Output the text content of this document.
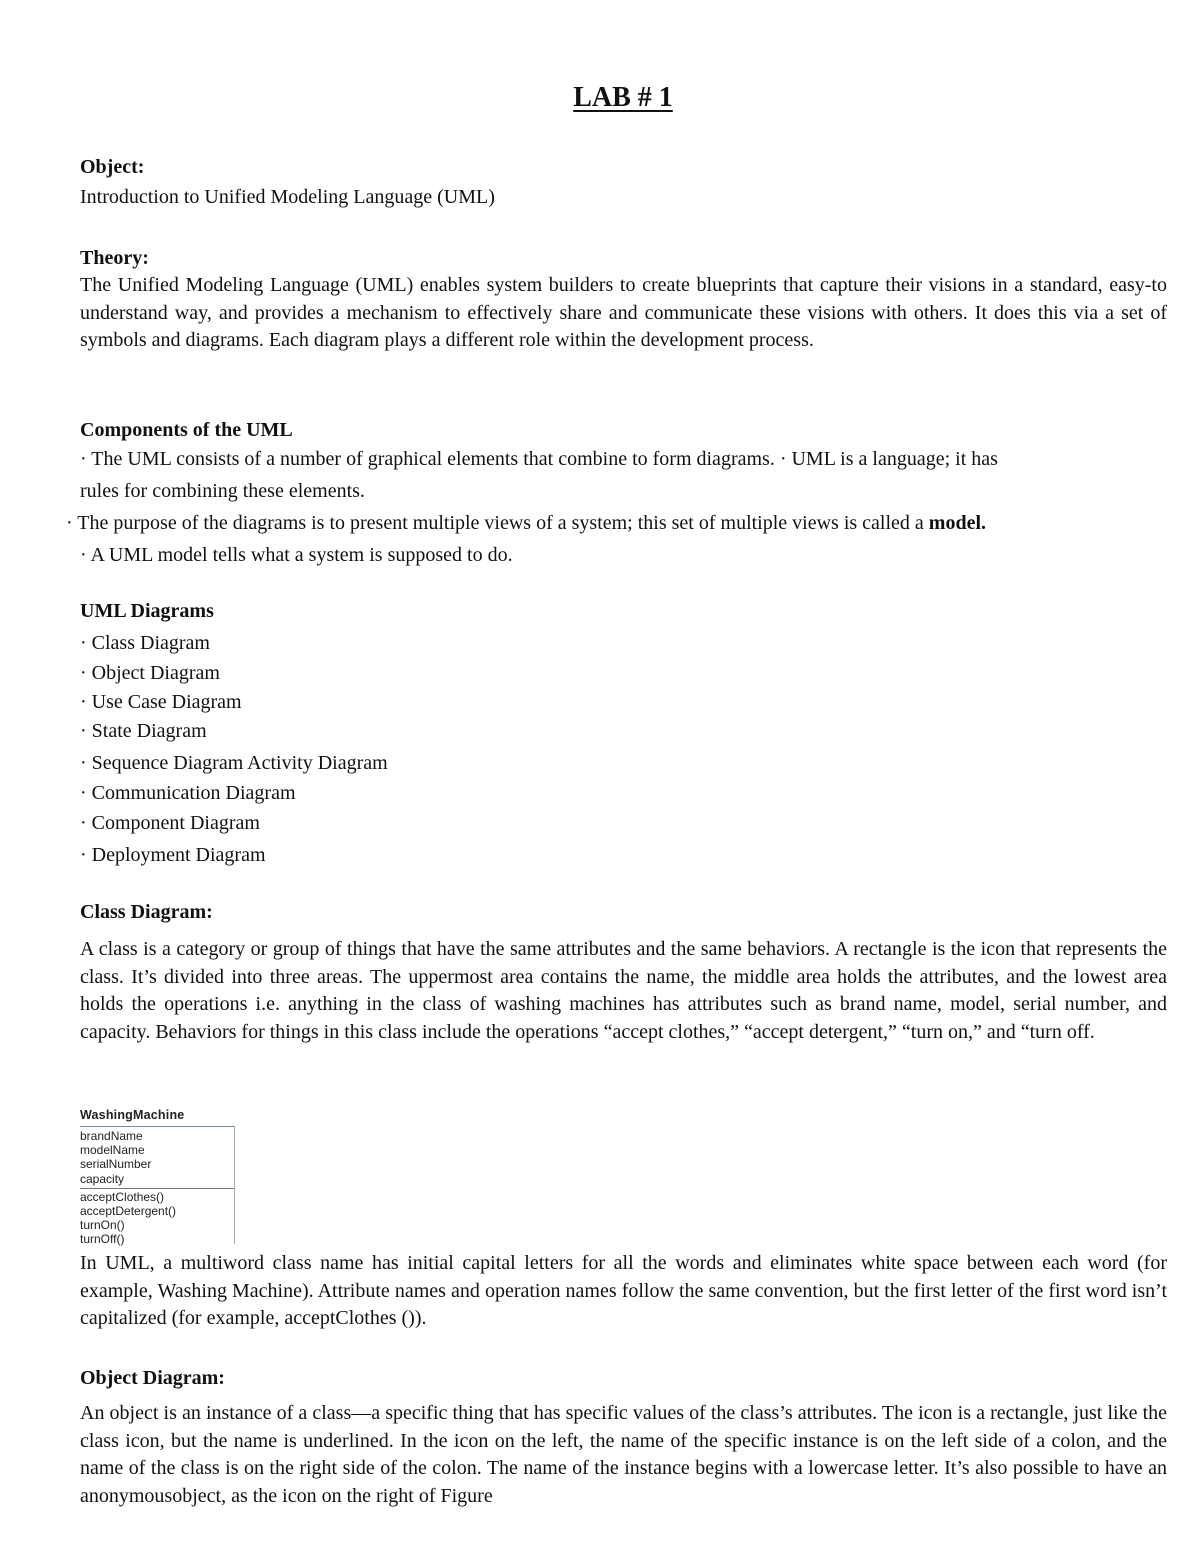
LAB # 1
Object:
Introduction to Unified Modeling Language (UML)
Theory:
The Unified Modeling Language (UML) enables system builders to create blueprints that capture their visions in a standard, easy-to understand way, and provides a mechanism to effectively share and communicate these visions with others. It does this via a set of symbols and diagrams. Each diagram plays a different role within the development process.
Components of the UML
· The UML consists of a number of graphical elements that combine to form diagrams. · UML is a language; it has
rules for combining these elements.
· The purpose of the diagrams is to present multiple views of a system; this set of multiple views is called a model.
· A UML model tells what a system is supposed to do.
UML Diagrams
· Class Diagram
· Object Diagram
· Use Case Diagram
· State Diagram
· Sequence Diagram Activity Diagram
· Communication Diagram
· Component Diagram
· Deployment Diagram
Class Diagram:
A class is a category or group of things that have the same attributes and the same behaviors. A rectangle is the icon that represents the class. It’s divided into three areas. The uppermost area contains the name, the middle area holds the attributes, and the lowest area holds the operations i.e. anything in the class of washing machines has attributes such as brand name, model, serial number, and capacity. Behaviors for things in this class include the operations “accept clothes,” “accept detergent,” “turn on,” and “turn off.
WashingMachine
brandName
modelName
serialNumber
capacity
acceptClothes()
acceptDetergent()
turnOn()
turnOff()
In UML, a multiword class name has initial capital letters for all the words and eliminates white space between each word (for example, Washing Machine). Attribute names and operation names follow the same convention, but the first letter of the first word isn’t capitalized (for example, acceptClothes ()).
Object Diagram:
An object is an instance of a class—a specific thing that has specific values of the class’s attributes. The icon is a rectangle, just like the class icon, but the name is underlined. In the icon on the left, the name of the specific instance is on the left side of a colon, and the name of the class is on the right side of the colon. The name of the instance begins with a lowercase letter. It’s also possible to have an anonymousobject, as the icon on the right of Figure
